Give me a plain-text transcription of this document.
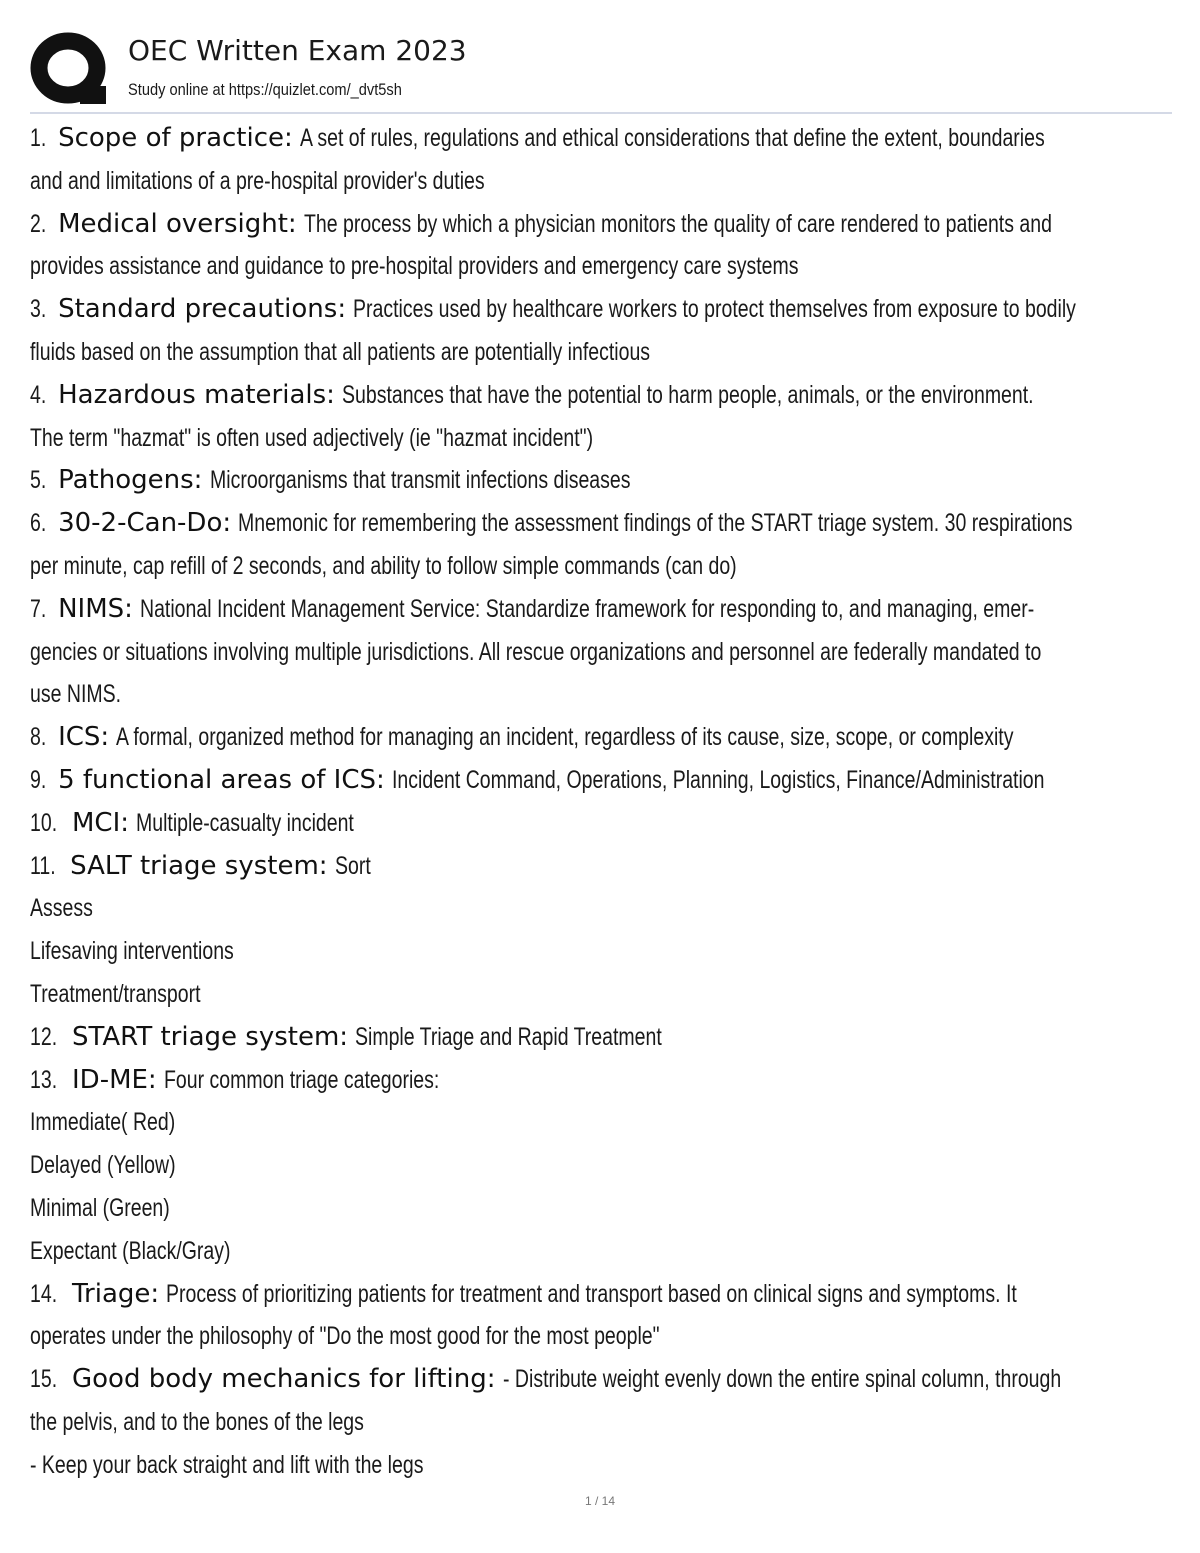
OEC Written Exam 2023
Study online at https://quizlet.com/_dvt5sh
1. Scope of practice: A set of rules, regulations and ethical considerations that define the extent, boundaries
and and limitations of a pre-hospital provider's duties
2. Medical oversight: The process by which a physician monitors the quality of care rendered to patients and
provides assistance and guidance to pre-hospital providers and emergency care systems
3. Standard precautions: Practices used by healthcare workers to protect themselves from exposure to bodily
fluids based on the assumption that all patients are potentially infectious
4. Hazardous materials: Substances that have the potential to harm people, animals, or the environment.
The term "hazmat" is often used adjectively (ie "hazmat incident")
5. Pathogens: Microorganisms that transmit infections diseases
6. 30-2-Can-Do: Mnemonic for remembering the assessment findings of the START triage system. 30 respirations
per minute, cap refill of 2 seconds, and ability to follow simple commands (can do)
7. NIMS: National Incident Management Service: Standardize framework for responding to, and managing, emer-
gencies or situations involving multiple jurisdictions. All rescue organizations and personnel are federally mandated to
use NIMS.
8. ICS: A formal, organized method for managing an incident, regardless of its cause, size, scope, or complexity
9. 5 functional areas of ICS: Incident Command, Operations, Planning, Logistics, Finance/Administration
10. MCI: Multiple-casualty incident
11. SALT triage system: Sort
Assess
Lifesaving interventions
Treatment/transport
12. START triage system: Simple Triage and Rapid Treatment
13. ID-ME: Four common triage categories:
Immediate( Red)
Delayed (Yellow)
Minimal (Green)
Expectant (Black/Gray)
14. Triage: Process of prioritizing patients for treatment and transport based on clinical signs and symptoms. It
operates under the philosophy of "Do the most good for the most people"
15. Good body mechanics for lifting: - Distribute weight evenly down the entire spinal column, through
the pelvis, and to the bones of the legs
- Keep your back straight and lift with the legs
1 / 14
